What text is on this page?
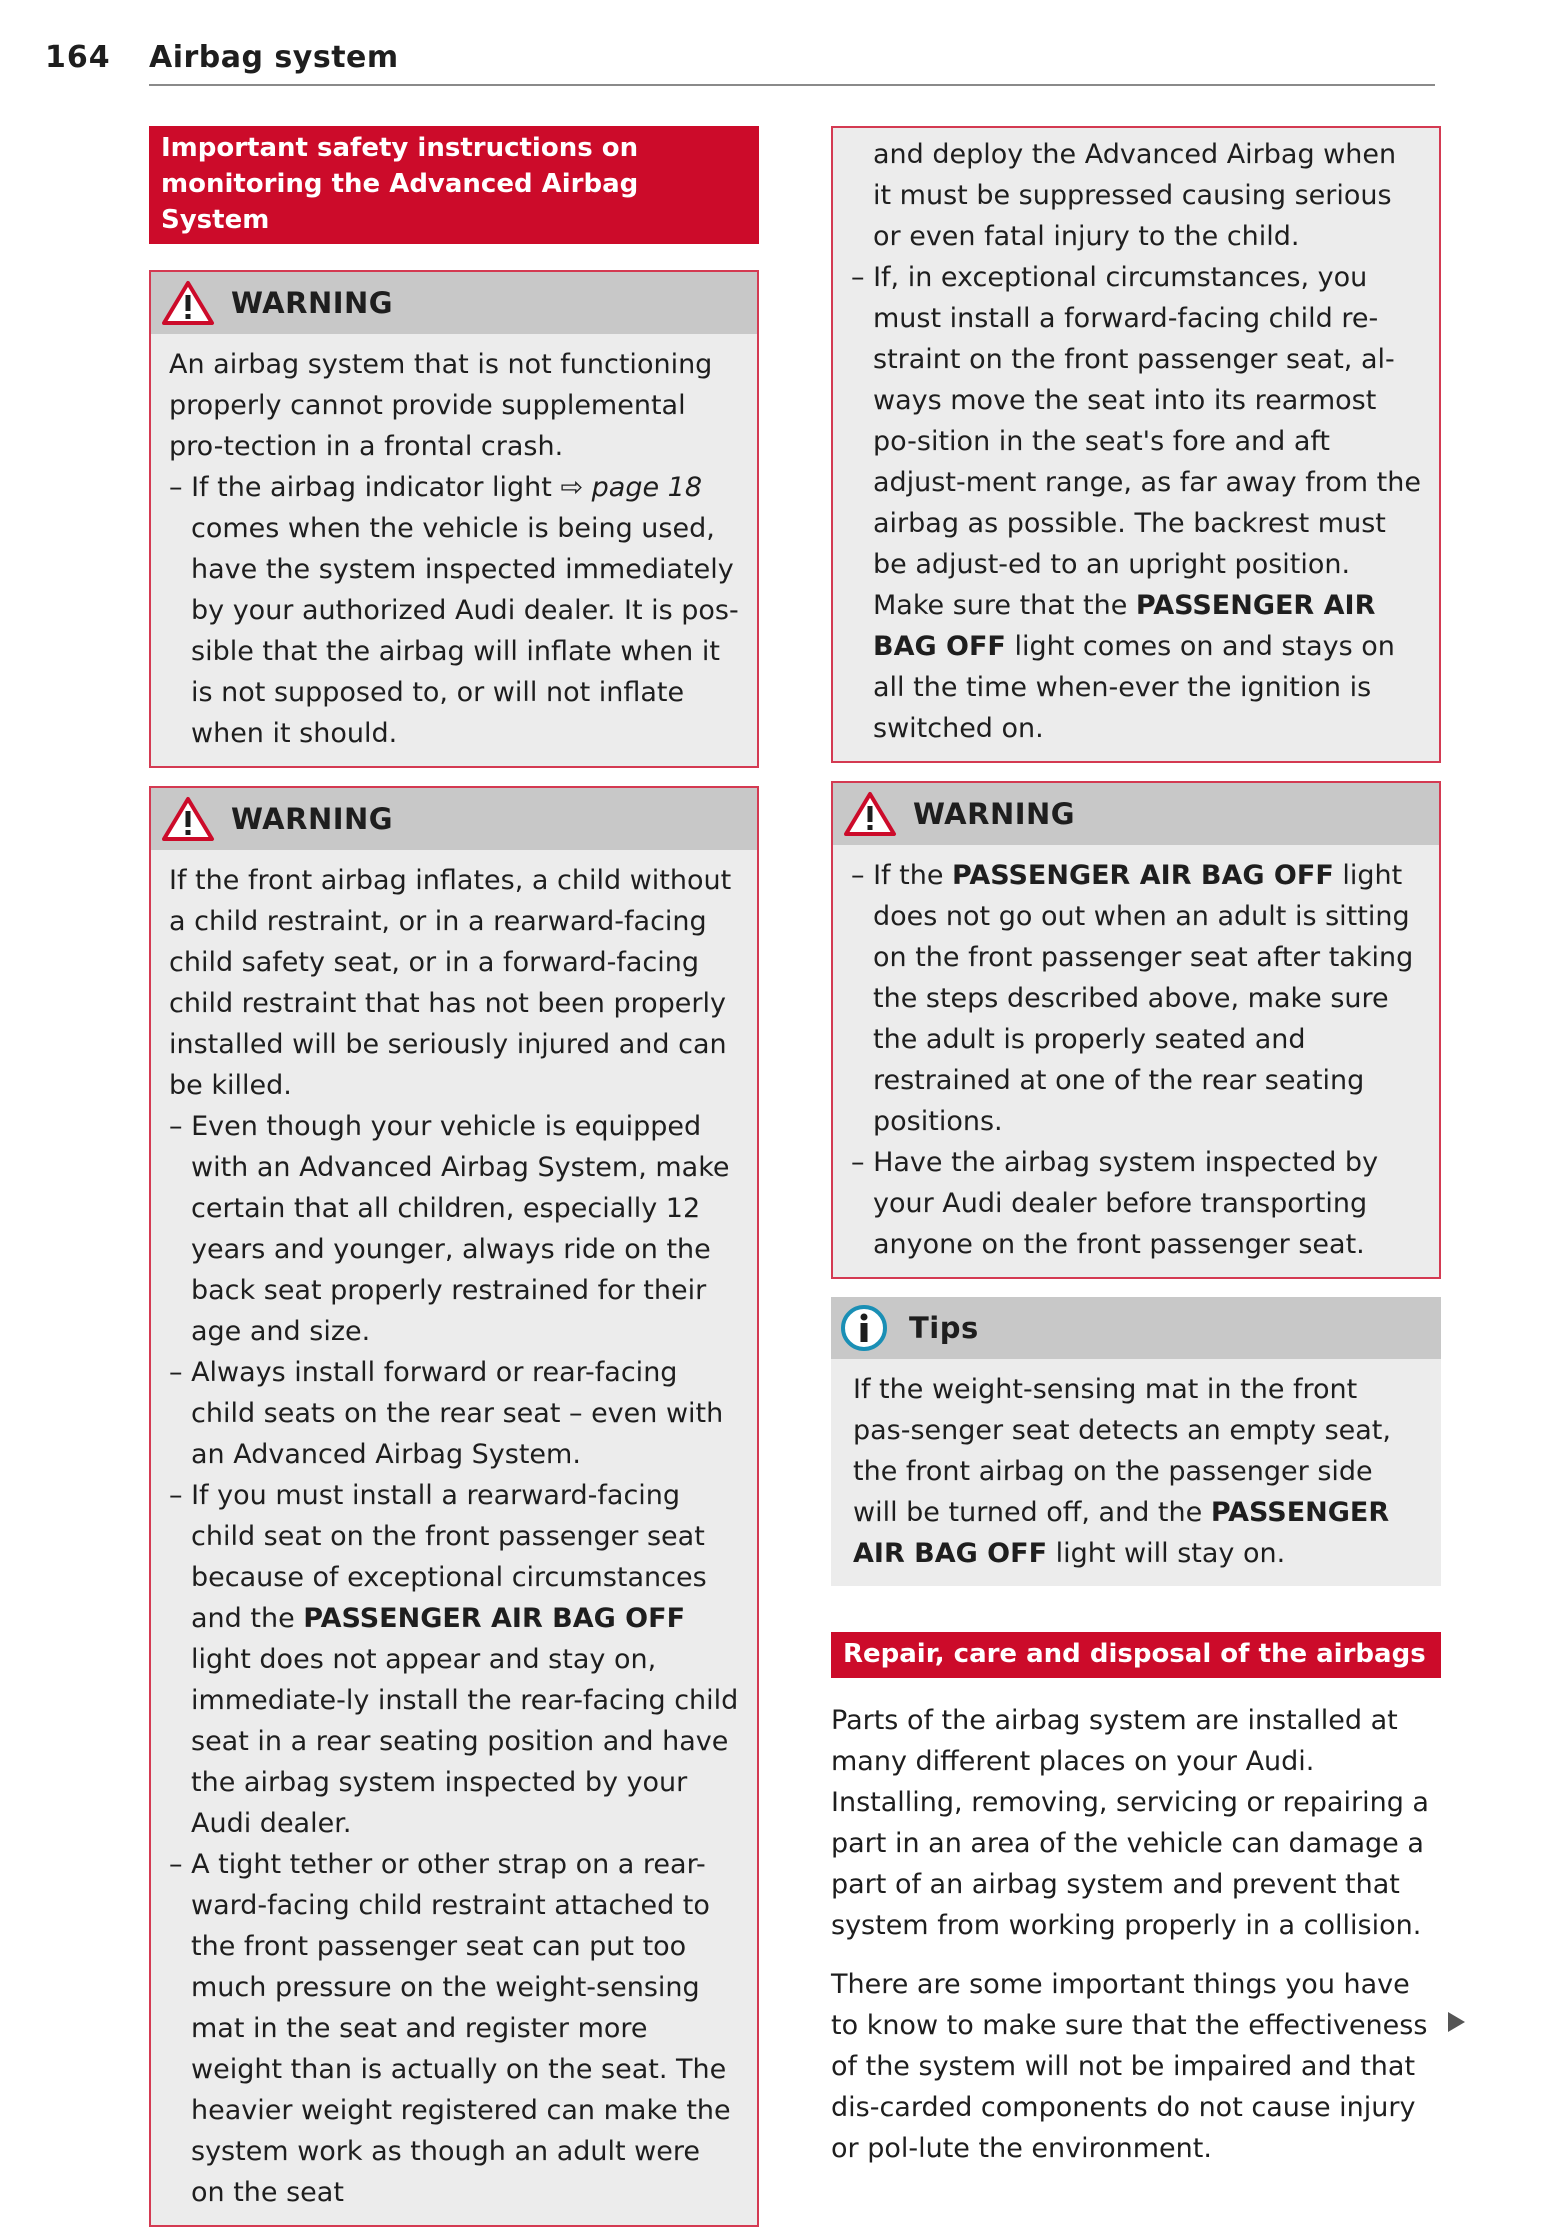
164 Airbag system
Important safety instructions on monitoring the Advanced Airbag System
WARNING

An airbag system that is not functioning properly cannot provide supplemental pro-tection in a frontal crash.

– If the airbag indicator light ⇨ page 18 comes when the vehicle is being used, have the system inspected immediately by your authorized Audi dealer. It is pos-sible that the airbag will inflate when it is not supposed to, or will not inflate when it should.

WARNING

If the front airbag inflates, a child without a child restraint, or in a rearward-facing child safety seat, or in a forward-facing child restraint that has not been properly installed will be seriously injured and can be killed.

– Even though your vehicle is equipped with an Advanced Airbag System, make certain that all children, especially 12 years and younger, always ride on the back seat properly restrained for their age and size.

– Always install forward or rear-facing child seats on the rear seat – even with an Advanced Airbag System.

– If you must install a rearward-facing child seat on the front passenger seat because of exceptional circumstances and the PASSENGER AIR BAG OFF light does not appear and stay on, immediate-ly install the rear-facing child seat in a rear seating position and have the airbag system inspected by your Audi dealer.

– A tight tether or other strap on a rear-ward-facing child restraint attached to the front passenger seat can put too much pressure on the weight-sensing mat in the seat and register more weight than is actually on the seat. The heavier weight registered can make the system work as though an adult were on the seat

and deploy the Advanced Airbag when it must be suppressed causing serious or even fatal injury to the child.

– If, in exceptional circumstances, you must install a forward-facing child re-straint on the front passenger seat, al-ways move the seat into its rearmost po-sition in the seat's fore and aft adjust-ment range, as far away from the airbag as possible. The backrest must be adjust-ed to an upright position. Make sure that the PASSENGER AIR BAG OFF light comes on and stays on all the time when-ever the ignition is switched on.

WARNING

– If the PASSENGER AIR BAG OFF light does not go out when an adult is sitting on the front passenger seat after taking the steps described above, make sure the adult is properly seated and restrained at one of the rear seating positions.

– Have the airbag system inspected by your Audi dealer before transporting anyone on the front passenger seat.

Tips

If the weight-sensing mat in the front pas-senger seat detects an empty seat, the front airbag on the passenger side will be turned off, and the PASSENGER AIR BAG OFF light will stay on.

Repair, care and disposal of the airbags

Parts of the airbag system are installed at many different places on your Audi. Installing, removing, servicing or repairing a part in an area of the vehicle can damage a part of an airbag system and prevent that system from working properly in a collision.

There are some important things you have to know to make sure that the effectiveness of the system will not be impaired and that dis-carded components do not cause injury or pol-lute the environment.
